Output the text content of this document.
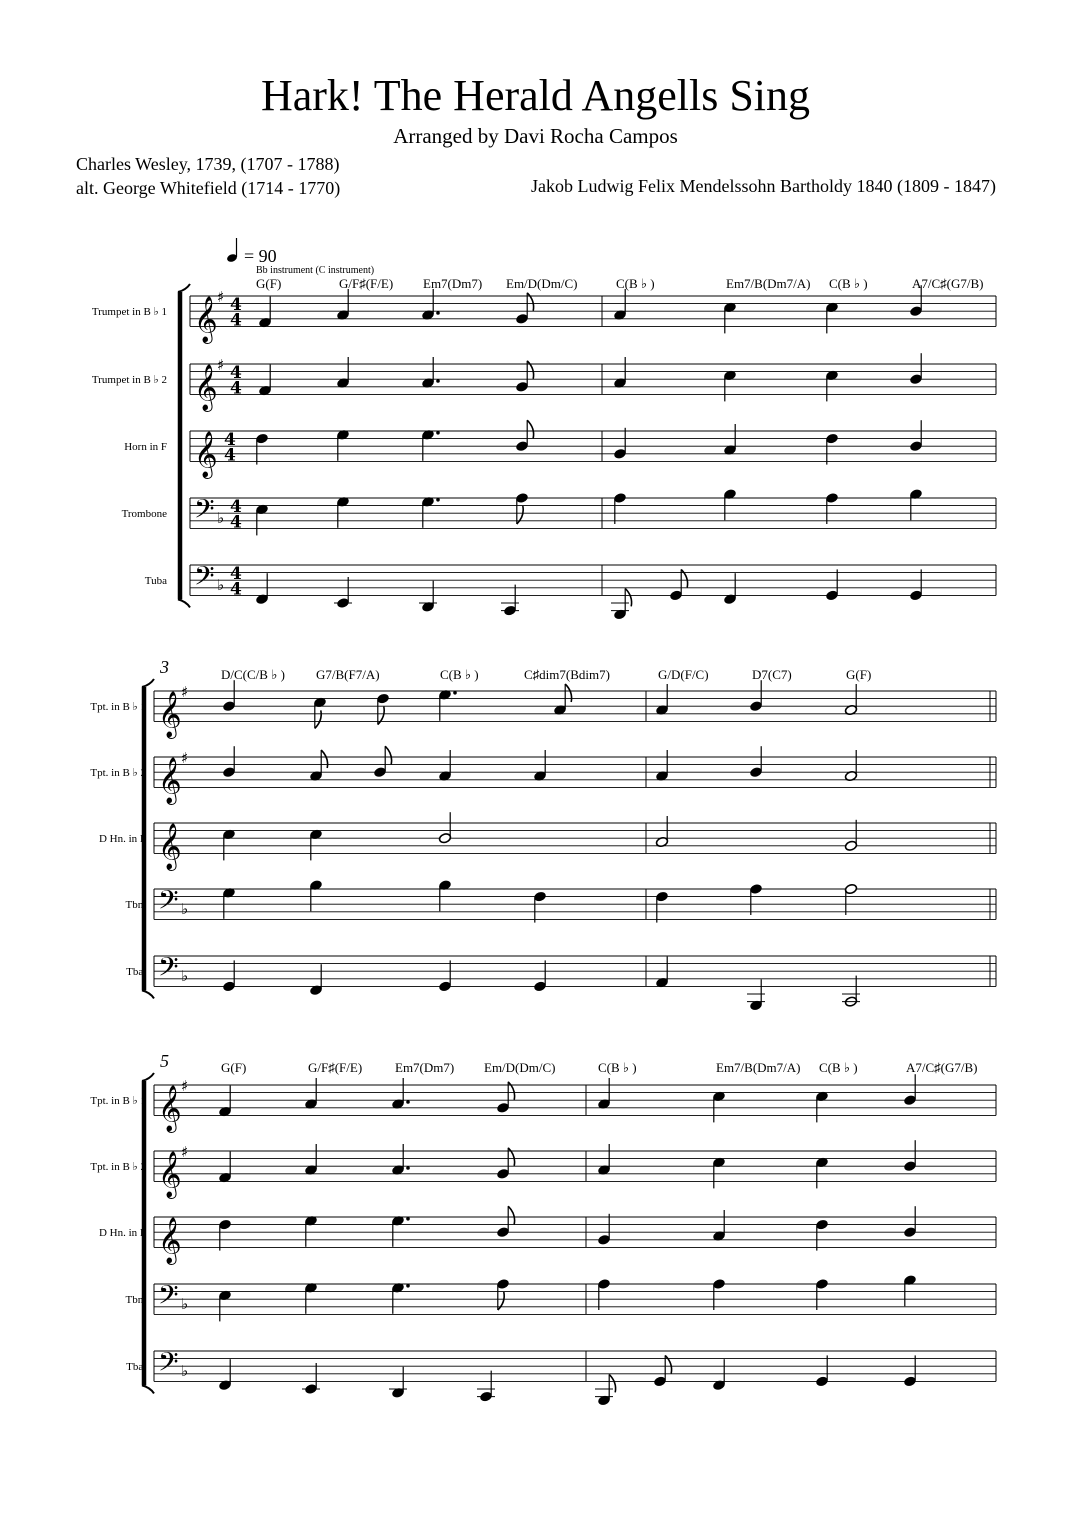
Hark! The Herald Angells Sing
Arranged by Davi Rocha Campos
Charles Wesley, 1739, (1707 - 1788)
alt. George Whitefield (1714 - 1770)	Jakob Ludwig Felix Mendelssohn Bartholdy 1840 (1809 - 1847)
= 90
Bb instrument (C instrument)
G(F)	G/F♯(F/E) Em7(Dm7) Em/D(Dm/C)	C(B ♭ )	Em7/B(Dm7/A) C(B ♭ )	A7/C♯(G7/B)
Trumpet in B ♭ 1 𝄞 ♯ 4
4
Trumpet in B ♭ 2 𝄞 ♯ 4
4
Horn in F 𝄞 4
4
Trombone 𝄢 ♭
4
4
Tuba 𝄢 ♭
4
4
3	D/C(C/B ♭ ) G7/B(F7/A)	C(B ♭ )	C♯dim7(Bdim7)	G/D(F/C)	D7(C7)	G(F)
Tpt. in B ♭ 1 𝄞 ♯
Tpt. in B ♭ 2 𝄞 ♯
D Hn. in F 𝄞
Tbn. 𝄢 ♭
Tba. 𝄢 ♭
5	G(F)	G/F♯(F/E)	Em7(Dm7) Em/D(Dm/C)	C(B ♭ )	Em7/B(Dm7/A) C(B ♭ )	A7/C♯(G7/B)
Tpt. in B ♭ 1 𝄞 ♯
Tpt. in B ♭ 2 𝄞 ♯
D Hn. in F 𝄞
Tbn. 𝄢 ♭
Tba. 𝄢 ♭
